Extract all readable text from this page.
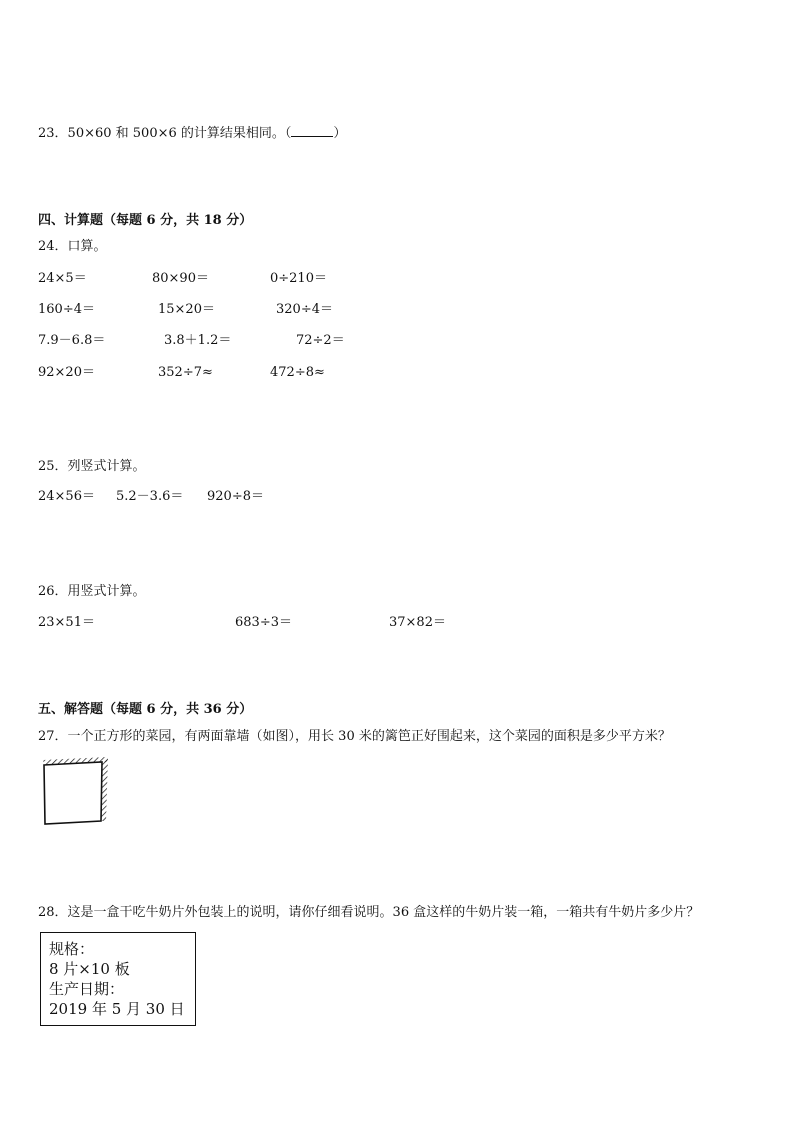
23．50×60 和 500×6 的计算结果相同。（	）
四、计算题（每题 6 分，共 18 分）
24．口算。
24×5＝	80×90＝	0÷210＝
160÷4＝	15×20＝	320÷4＝
7.9－6.8＝	3.8＋1.2＝	72÷2＝
92×20＝	352÷7≈	472÷8≈
25．列竖式计算。
24×56＝ 5.2－3.6＝ 920÷8＝
26．用竖式计算。
23×51＝	683÷3＝	37×82＝
五、解答题（每题 6 分，共 36 分）
27．一个正方形的菜园，有两面靠墙（如图），用长 30 米的篱笆正好围起来，这个菜园的面积是多少平方米？
28．这是一盒干吃牛奶片外包装上的说明，请你仔细看说明。36 盒这样的牛奶片装一箱，一箱共有牛奶片多少片？
规格：
8 片×10 板
生产日期：
2019 年 5 月 30 日
